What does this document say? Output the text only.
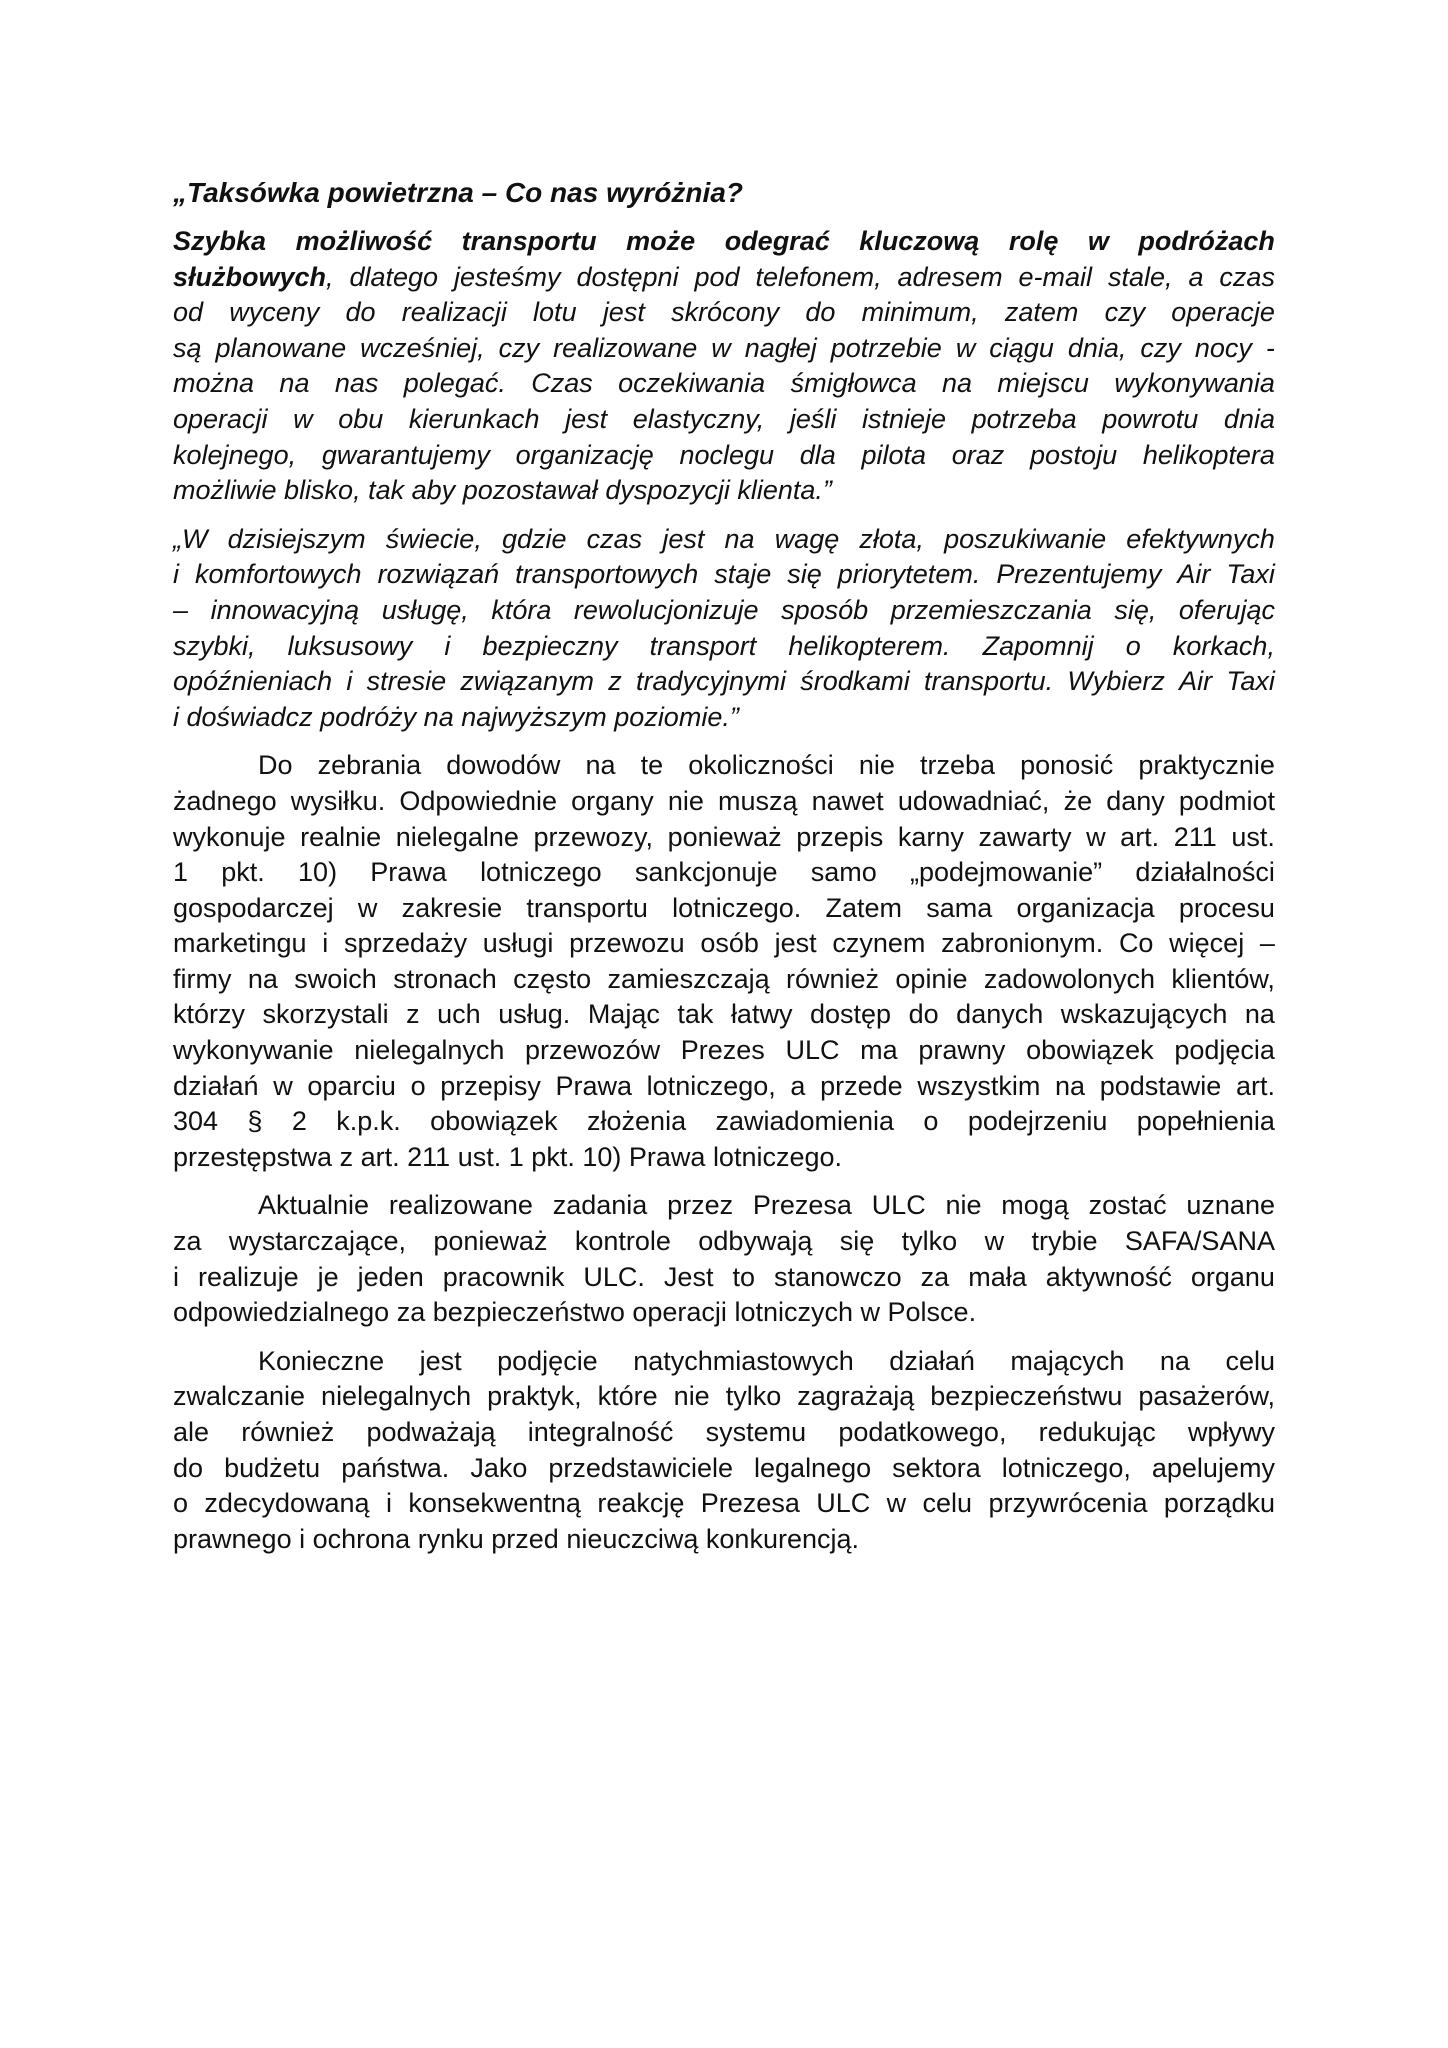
„Taksówka powietrzna – Co nas wyróżnia?
Szybka możliwość transportu może odegrać kluczową rolę w podróżach
służbowych, dlatego jesteśmy dostępni pod telefonem, adresem e-mail stale, a czas
od wyceny do realizacji lotu jest skrócony do minimum, zatem czy operacje
są planowane wcześniej, czy realizowane w nagłej potrzebie w ciągu dnia, czy nocy -
można na nas polegać. Czas oczekiwania śmigłowca na miejscu wykonywania
operacji w obu kierunkach jest elastyczny, jeśli istnieje potrzeba powrotu dnia
kolejnego, gwarantujemy organizację noclegu dla pilota oraz postoju helikoptera
możliwie blisko, tak aby pozostawał dyspozycji klienta.”
„W dzisiejszym świecie, gdzie czas jest na wagę złota, poszukiwanie efektywnych
i komfortowych rozwiązań transportowych staje się priorytetem. Prezentujemy Air Taxi
– innowacyjną usługę, która rewolucjonizuje sposób przemieszczania się, oferując
szybki, luksusowy i bezpieczny transport helikopterem. Zapomnij o korkach,
opóźnieniach i stresie związanym z tradycyjnymi środkami transportu. Wybierz Air Taxi
i doświadcz podróży na najwyższym poziomie.”
Do zebrania dowodów na te okoliczności nie trzeba ponosić praktycznie
żadnego wysiłku. Odpowiednie organy nie muszą nawet udowadniać, że dany podmiot
wykonuje realnie nielegalne przewozy, ponieważ przepis karny zawarty w art. 211 ust.
1 pkt. 10) Prawa lotniczego sankcjonuje samo „podejmowanie” działalności
gospodarczej w zakresie transportu lotniczego. Zatem sama organizacja procesu
marketingu i sprzedaży usługi przewozu osób jest czynem zabronionym. Co więcej –
firmy na swoich stronach często zamieszczają również opinie zadowolonych klientów,
którzy skorzystali z uch usług. Mając tak łatwy dostęp do danych wskazujących na
wykonywanie nielegalnych przewozów Prezes ULC ma prawny obowiązek podjęcia
działań w oparciu o przepisy Prawa lotniczego, a przede wszystkim na podstawie art.
304 § 2 k.p.k. obowiązek złożenia zawiadomienia o podejrzeniu popełnienia
przestępstwa z art. 211 ust. 1 pkt. 10) Prawa lotniczego.
Aktualnie realizowane zadania przez Prezesa ULC nie mogą zostać uznane
za wystarczające, ponieważ kontrole odbywają się tylko w trybie SAFA/SANA
i realizuje je jeden pracownik ULC. Jest to stanowczo za mała aktywność organu
odpowiedzialnego za bezpieczeństwo operacji lotniczych w Polsce.
Konieczne jest podjęcie natychmiastowych działań mających na celu
zwalczanie nielegalnych praktyk, które nie tylko zagrażają bezpieczeństwu pasażerów,
ale również podważają integralność systemu podatkowego, redukując wpływy
do budżetu państwa. Jako przedstawiciele legalnego sektora lotniczego, apelujemy
o zdecydowaną i konsekwentną reakcję Prezesa ULC w celu przywrócenia porządku
prawnego i ochrona rynku przed nieuczciwą konkurencją.
